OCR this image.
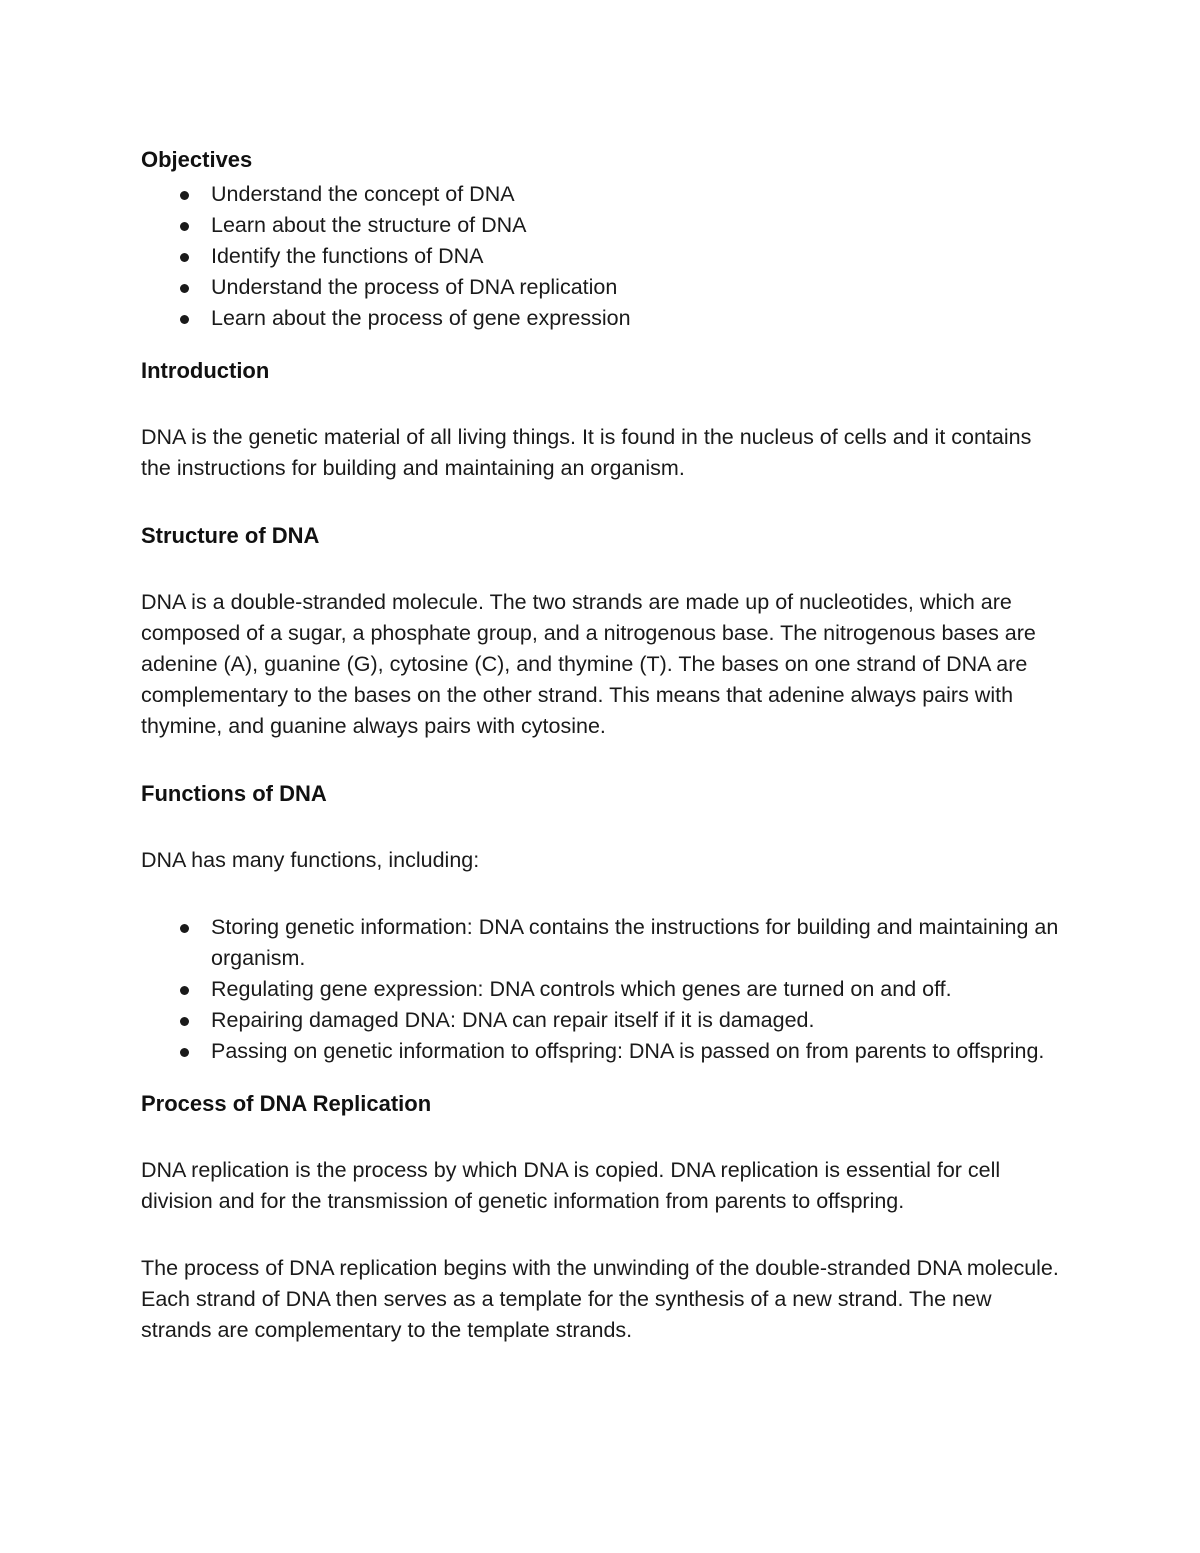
Objectives
Understand the concept of DNA
Learn about the structure of DNA
Identify the functions of DNA
Understand the process of DNA replication
Learn about the process of gene expression
Introduction

DNA is the genetic material of all living things. It is found in the nucleus of cells and it contains the instructions for building and maintaining an organism.

Structure of DNA

DNA is a double-stranded molecule. The two strands are made up of nucleotides, which are composed of a sugar, a phosphate group, and a nitrogenous base. The nitrogenous bases are adenine (A), guanine (G), cytosine (C), and thymine (T). The bases on one strand of DNA are complementary to the bases on the other strand. This means that adenine always pairs with thymine, and guanine always pairs with cytosine.

Functions of DNA

DNA has many functions, including:

Storing genetic information: DNA contains the instructions for building and maintaining an organism.
Regulating gene expression: DNA controls which genes are turned on and off.
Repairing damaged DNA: DNA can repair itself if it is damaged.
Passing on genetic information to offspring: DNA is passed on from parents to offspring.
Process of DNA Replication

DNA replication is the process by which DNA is copied. DNA replication is essential for cell division and for the transmission of genetic information from parents to offspring.

The process of DNA replication begins with the unwinding of the double-stranded DNA molecule. Each strand of DNA then serves as a template for the synthesis of a new strand. The new strands are complementary to the template strands.
